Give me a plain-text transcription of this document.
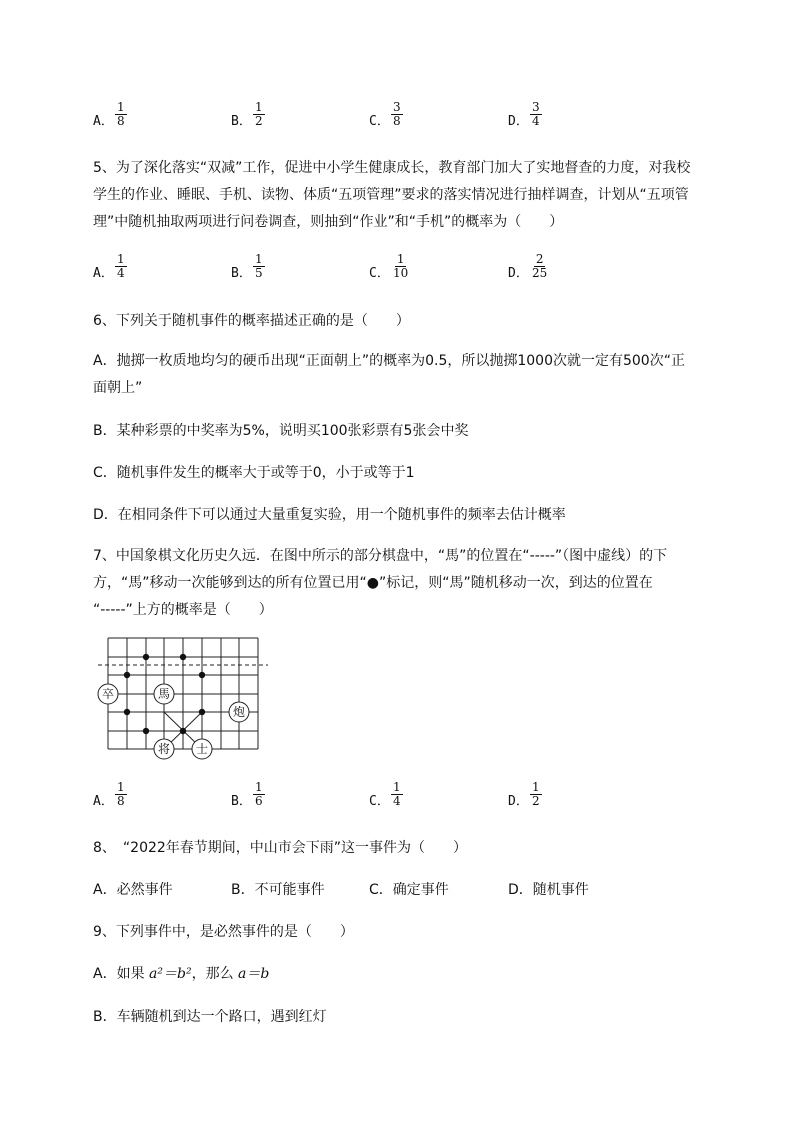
A． $\frac{1}{8}$	B． $\frac{1}{2}$	C． $\frac{3}{8}$	D． $\frac{3}{4}$
5、为了深化落实“双减”工作，促进中小学生健康成长，教育部门加大了实地督查的力度，对我校
学生的作业、睡眠、手机、读物、体质“五项管理”要求的落实情况进行抽样调查，计划从“五项管
理”中随机抽取两项进行问卷调查，则抽到“作业”和“手机”的概率为（　　）
A． $\frac{1}{4}$	B． $\frac{1}{5}$	C． $\frac{1}{10}$	D． $\frac{2}{25}$
6、下列关于随机事件的概率描述正确的是（　　）
A．抛掷一枚质地均匀的硬币出现“正面朝上”的概率为0.5，所以抛掷1000次就一定有500次“正
面朝上”
B．某种彩票的中奖率为5%，说明买100张彩票有5张会中奖
C．随机事件发生的概率大于或等于0，小于或等于1
D．在相同条件下可以通过大量重复实验，用一个随机事件的频率去估计概率
7、中国象棋文化历史久远．在图中所示的部分棋盘中，“馬”的位置在“-----”（图中虚线）的下
方，“馬”移动一次能够到达的所有位置已用“●”标记，则“馬”随机移动一次，到达的位置在
“-----”上方的概率是（　　）
卒	馬
炮
将 士
A． $\frac{1}{8}$	B． $\frac{1}{6}$	C． $\frac{1}{4}$	D． $\frac{1}{2}$
8、　“2022年春节期间，中山市会下雨”这一事件为（　　）
A．必然事件	B．不可能事件	C．确定事件	D．随机事件
9、下列事件中，是必然事件的是（　　）
A．如果 a²＝b²，那么 a＝b
B．车辆随机到达一个路口，遇到红灯
